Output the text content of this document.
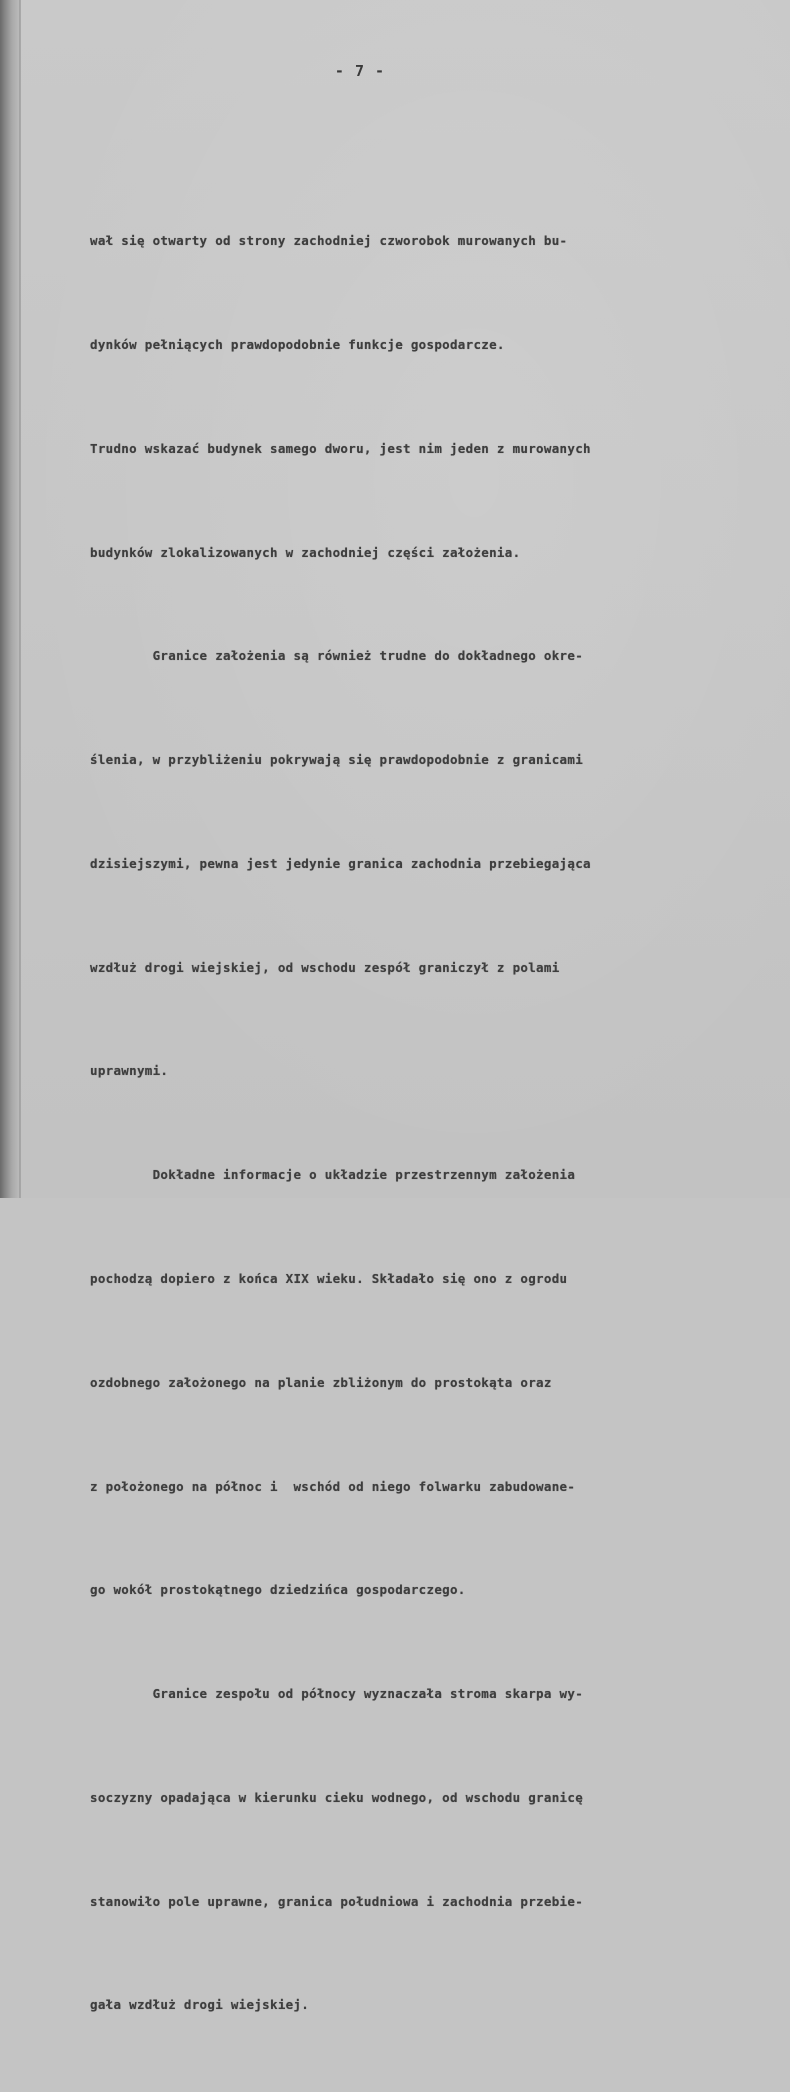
- 7 -

wał się otwarty od strony zachodniej czworobok murowanych bu-

dynków pełniących prawdopodobnie funkcje gospodarcze.

Trudno wskazać budynek samego dworu, jest nim jeden z murowanych

budynków zlokalizowanych w zachodniej części założenia.

Granice założenia są również trudne do dokładnego okre-

ślenia, w przybliżeniu pokrywają się prawdopodobnie z granicami

dzisiejszymi, pewna jest jedynie granica zachodnia przebiegająca

wzdłuż drogi wiejskiej, od wschodu zespół graniczył z polami

uprawnymi.

Dokładne informacje o układzie przestrzennym założenia

pochodzą dopiero z końca XIX wieku. Składało się ono z ogrodu

ozdobnego założonego na planie zbliżonym do prostokąta oraz

z położonego na północ i  wschód od niego folwarku zabudowane-

go wokół prostokątnego dziedzińca gospodarczego.

Granice zespołu od północy wyznaczała stroma skarpa wy-

soczyzny opadająca w kierunku cieku wodnego, od wschodu granicę

stanowiło pole uprawne, granica południowa i zachodnia przebie-

gała wzdłuż drogi wiejskiej.
